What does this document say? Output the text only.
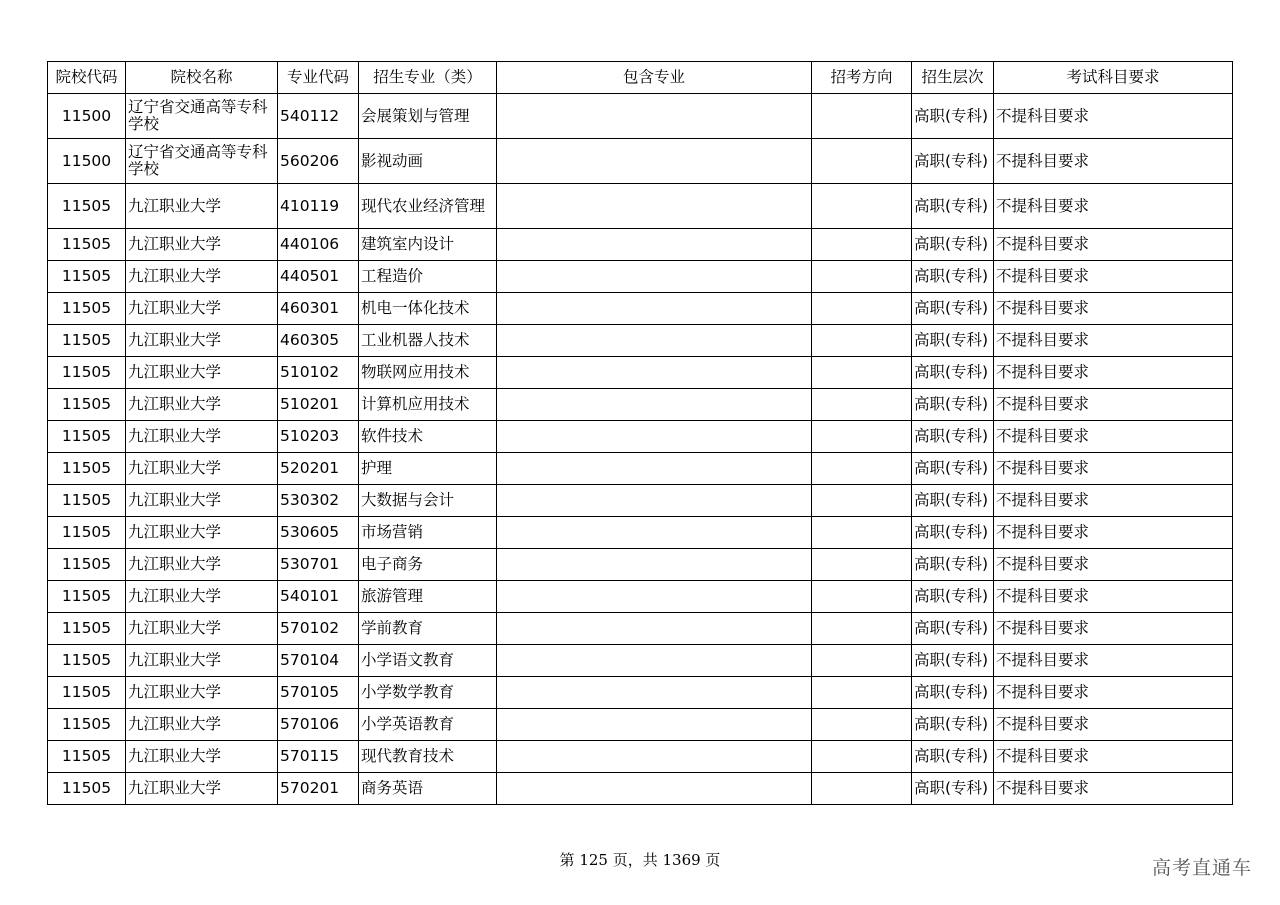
院校代码	院校名称	专业代码	招生专业（类）	包含专业	招考方向	招生层次	考试科目要求
11500	辽宁省交通高等专科学校	540112	会展策划与管理			高职(专科)	不提科目要求
11500	辽宁省交通高等专科学校	560206	影视动画			高职(专科)	不提科目要求
11505	九江职业大学	410119	现代农业经济管理			高职(专科)	不提科目要求
11505	九江职业大学	440106	建筑室内设计			高职(专科)	不提科目要求
11505	九江职业大学	440501	工程造价			高职(专科)	不提科目要求
11505	九江职业大学	460301	机电一体化技术			高职(专科)	不提科目要求
11505	九江职业大学	460305	工业机器人技术			高职(专科)	不提科目要求
11505	九江职业大学	510102	物联网应用技术			高职(专科)	不提科目要求
11505	九江职业大学	510201	计算机应用技术			高职(专科)	不提科目要求
11505	九江职业大学	510203	软件技术			高职(专科)	不提科目要求
11505	九江职业大学	520201	护理			高职(专科)	不提科目要求
11505	九江职业大学	530302	大数据与会计			高职(专科)	不提科目要求
11505	九江职业大学	530605	市场营销			高职(专科)	不提科目要求
11505	九江职业大学	530701	电子商务			高职(专科)	不提科目要求
11505	九江职业大学	540101	旅游管理			高职(专科)	不提科目要求
11505	九江职业大学	570102	学前教育			高职(专科)	不提科目要求
11505	九江职业大学	570104	小学语文教育			高职(专科)	不提科目要求
11505	九江职业大学	570105	小学数学教育			高职(专科)	不提科目要求
11505	九江职业大学	570106	小学英语教育			高职(专科)	不提科目要求
11505	九江职业大学	570115	现代教育技术			高职(专科)	不提科目要求
11505	九江职业大学	570201	商务英语			高职(专科)	不提科目要求
第 125 页，共 1369 页	高考直通车
